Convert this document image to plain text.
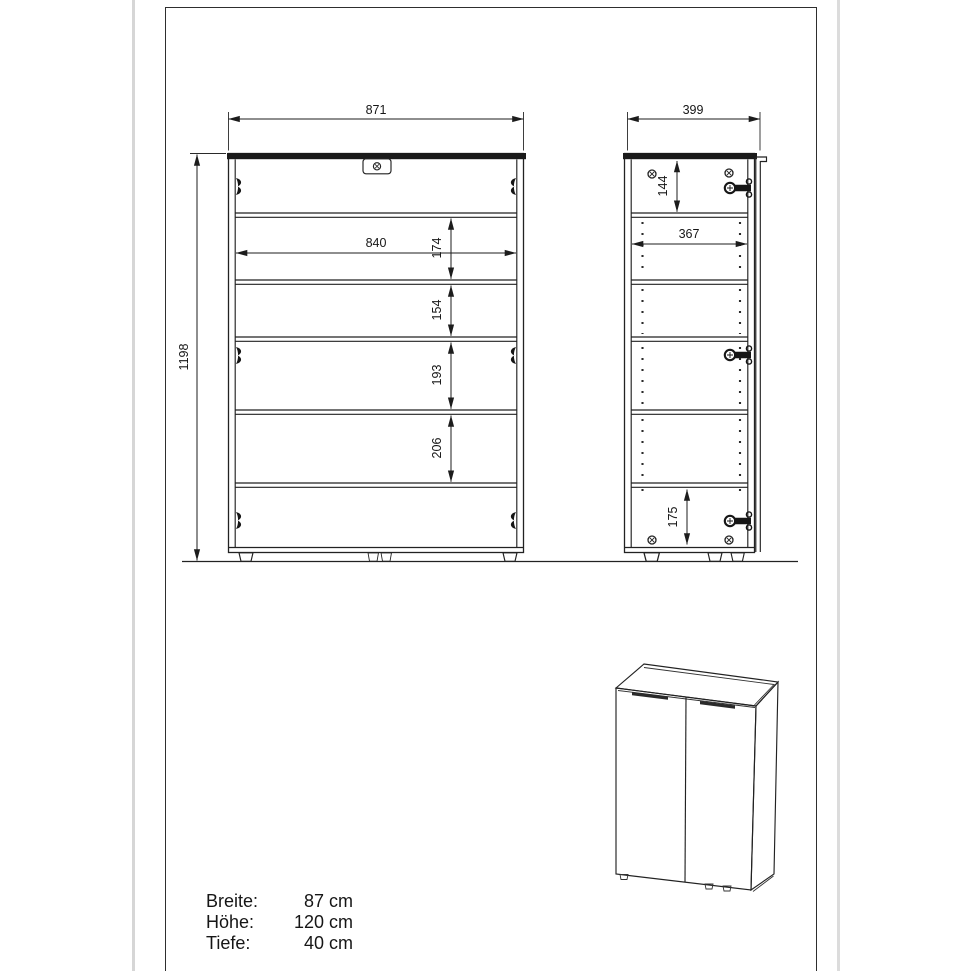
871
1198
840	174
154
193
206
399
144
367
175
Breite:	87 cm
Höhe:	120 cm
Tiefe:	40 cm
